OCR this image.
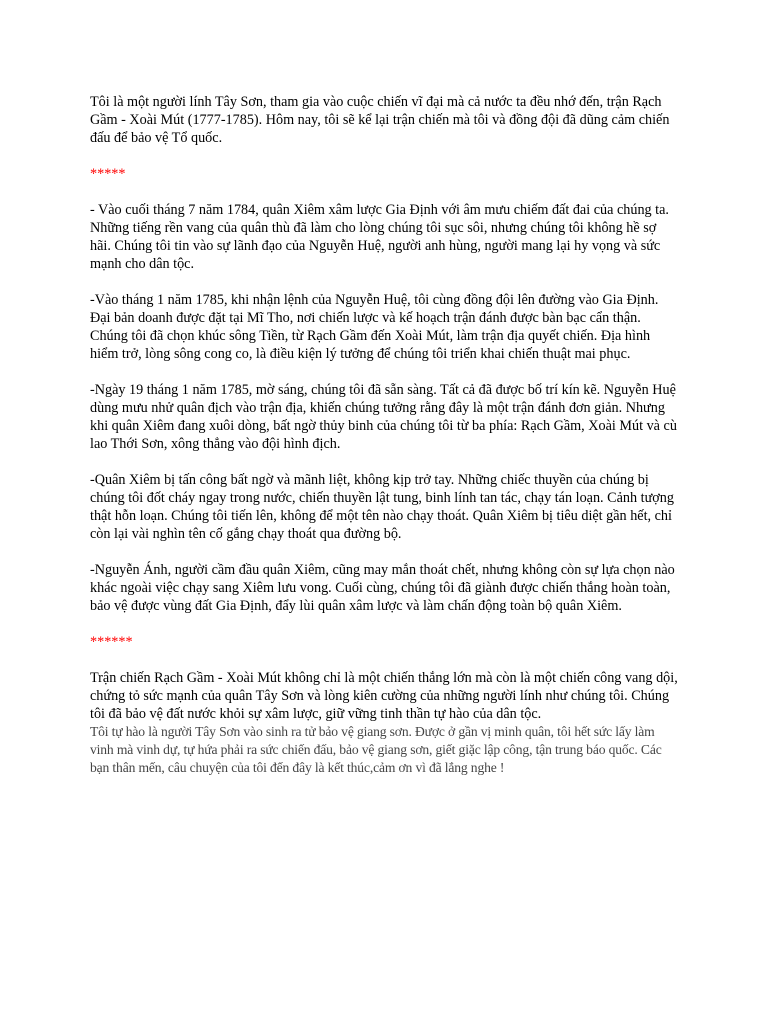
Tôi là một người lính Tây Sơn, tham gia vào cuộc chiến vĩ đại mà cả nước ta đều nhớ đến, trận Rạch Gầm - Xoài Mút (1777-1785). Hôm nay, tôi sẽ kể lại trận chiến mà tôi và đồng đội đã dũng cảm chiến đấu để bảo vệ Tổ quốc.

*****

- Vào cuối tháng 7 năm 1784, quân Xiêm xâm lược Gia Định với âm mưu chiếm đất đai của chúng ta. Những tiếng rền vang của quân thù đã làm cho lòng chúng tôi sục sôi, nhưng chúng tôi không hề sợ hãi. Chúng tôi tin vào sự lãnh đạo của Nguyễn Huệ, người anh hùng, người mang lại hy vọng và sức mạnh cho dân tộc.

-Vào tháng 1 năm 1785, khi nhận lệnh của Nguyễn Huệ, tôi cùng đồng đội lên đường vào Gia Định. Đại bản doanh được đặt tại Mĩ Tho, nơi chiến lược và kế hoạch trận đánh được bàn bạc cẩn thận. Chúng tôi đã chọn khúc sông Tiền, từ Rạch Gầm đến Xoài Mút, làm trận địa quyết chiến. Địa hình hiểm trở, lòng sông cong co, là điều kiện lý tưởng để chúng tôi triển khai chiến thuật mai phục.

-Ngày 19 tháng 1 năm 1785, mờ sáng, chúng tôi đã sẵn sàng. Tất cả đã được bố trí kín kẽ. Nguyễn Huệ dùng mưu nhử quân địch vào trận địa, khiến chúng tưởng rằng đây là một trận đánh đơn giản. Nhưng khi quân Xiêm đang xuôi dòng, bất ngờ thủy binh của chúng tôi từ ba phía: Rạch Gầm, Xoài Mút và cù lao Thới Sơn, xông thẳng vào đội hình địch.

-Quân Xiêm bị tấn công bất ngờ và mãnh liệt, không kịp trở tay. Những chiếc thuyền của chúng bị chúng tôi đốt cháy ngay trong nước, chiến thuyền lật tung, binh lính tan tác, chạy tán loạn. Cảnh tượng thật hỗn loạn. Chúng tôi tiến lên, không để một tên nào chạy thoát. Quân Xiêm bị tiêu diệt gần hết, chỉ còn lại vài nghìn tên cố gắng chạy thoát qua đường bộ.

-Nguyễn Ánh, người cầm đầu quân Xiêm, cũng may mắn thoát chết, nhưng không còn sự lựa chọn nào khác ngoài việc chạy sang Xiêm lưu vong. Cuối cùng, chúng tôi đã giành được chiến thắng hoàn toàn, bảo vệ được vùng đất Gia Định, đẩy lùi quân xâm lược và làm chấn động toàn bộ quân Xiêm.

******

Trận chiến Rạch Gầm - Xoài Mút không chỉ là một chiến thắng lớn mà còn là một chiến công vang dội, chứng tỏ sức mạnh của quân Tây Sơn và lòng kiên cường của những người lính như chúng tôi. Chúng tôi đã bảo vệ đất nước khỏi sự xâm lược, giữ vững tinh thần tự hào của dân tộc.

Tôi tự hào là người Tây Sơn vào sinh ra tử bảo vệ giang sơn. Được ở gần vị minh quân, tôi hết sức lấy làm vinh mà vinh dự, tự hứa phải ra sức chiến đấu, bảo vệ giang sơn, giết giặc lập công, tận trung báo quốc. Các bạn thân mến, câu chuyện của tôi đến đây là kết thúc,cảm ơn vì đã lắng nghe !
